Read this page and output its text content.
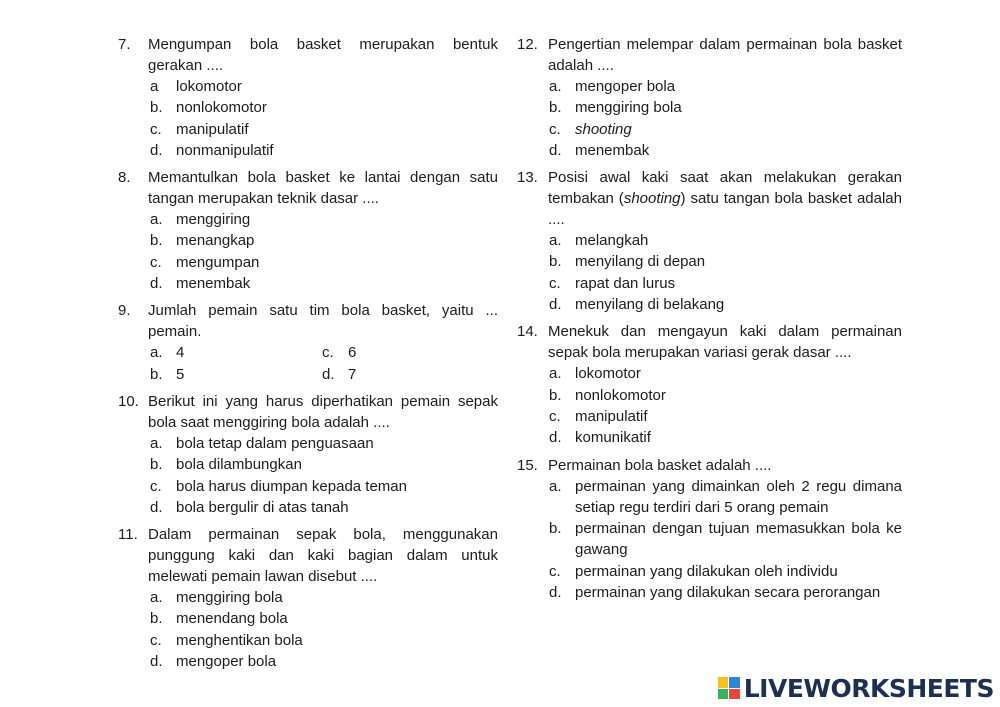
7.	Mengumpan bola basket merupakan bentuk gerakan ....
a	lokomotor
b. nonlokomotor
c. manipulatif
d. nonmanipulatif
8.	Memantulkan bola basket ke lantai dengan satu tangan merupakan teknik dasar ....
a. menggiring
b. menangkap
c. mengumpan
d. menembak
9.	Jumlah pemain satu tim bola basket, yaitu ... pemain.
a. 4	c. 6
b. 5	d. 7
10. Berikut ini yang harus diperhatikan pemain sepak bola saat menggiring bola adalah ....
a. bola tetap dalam penguasaan
b. bola dilambungkan
c. bola harus diumpan kepada teman
d. bola bergulir di atas tanah
11. Dalam permainan sepak bola, menggunakan punggung kaki dan kaki bagian dalam untuk melewati pemain lawan disebut ....
a. menggiring bola
b. menendang bola
c. menghentikan bola
d. mengoper bola
12. Pengertian melempar dalam permainan bola basket adalah ....
a. mengoper bola
b. menggiring bola
c. shooting
d. menembak
13. Posisi awal kaki saat akan melakukan gerakan tembakan (shooting) satu tangan bola basket adalah ....
a. melangkah
b. menyilang di depan
c. rapat dan lurus
d. menyilang di belakang
14. Menekuk dan mengayun kaki dalam permainan sepak bola merupakan variasi gerak dasar ....
a. lokomotor
b. nonlokomotor
c. manipulatif
d. komunikatif
15. Permainan bola basket adalah ....
a. permainan yang dimainkan oleh 2 regu dimana setiap regu terdiri dari 5 orang pemain
b. permainan dengan tujuan memasukkan bola ke gawang
c. permainan yang dilakukan oleh individu
d. permainan yang dilakukan secara perorangan
LIVEWORKSHEETS
